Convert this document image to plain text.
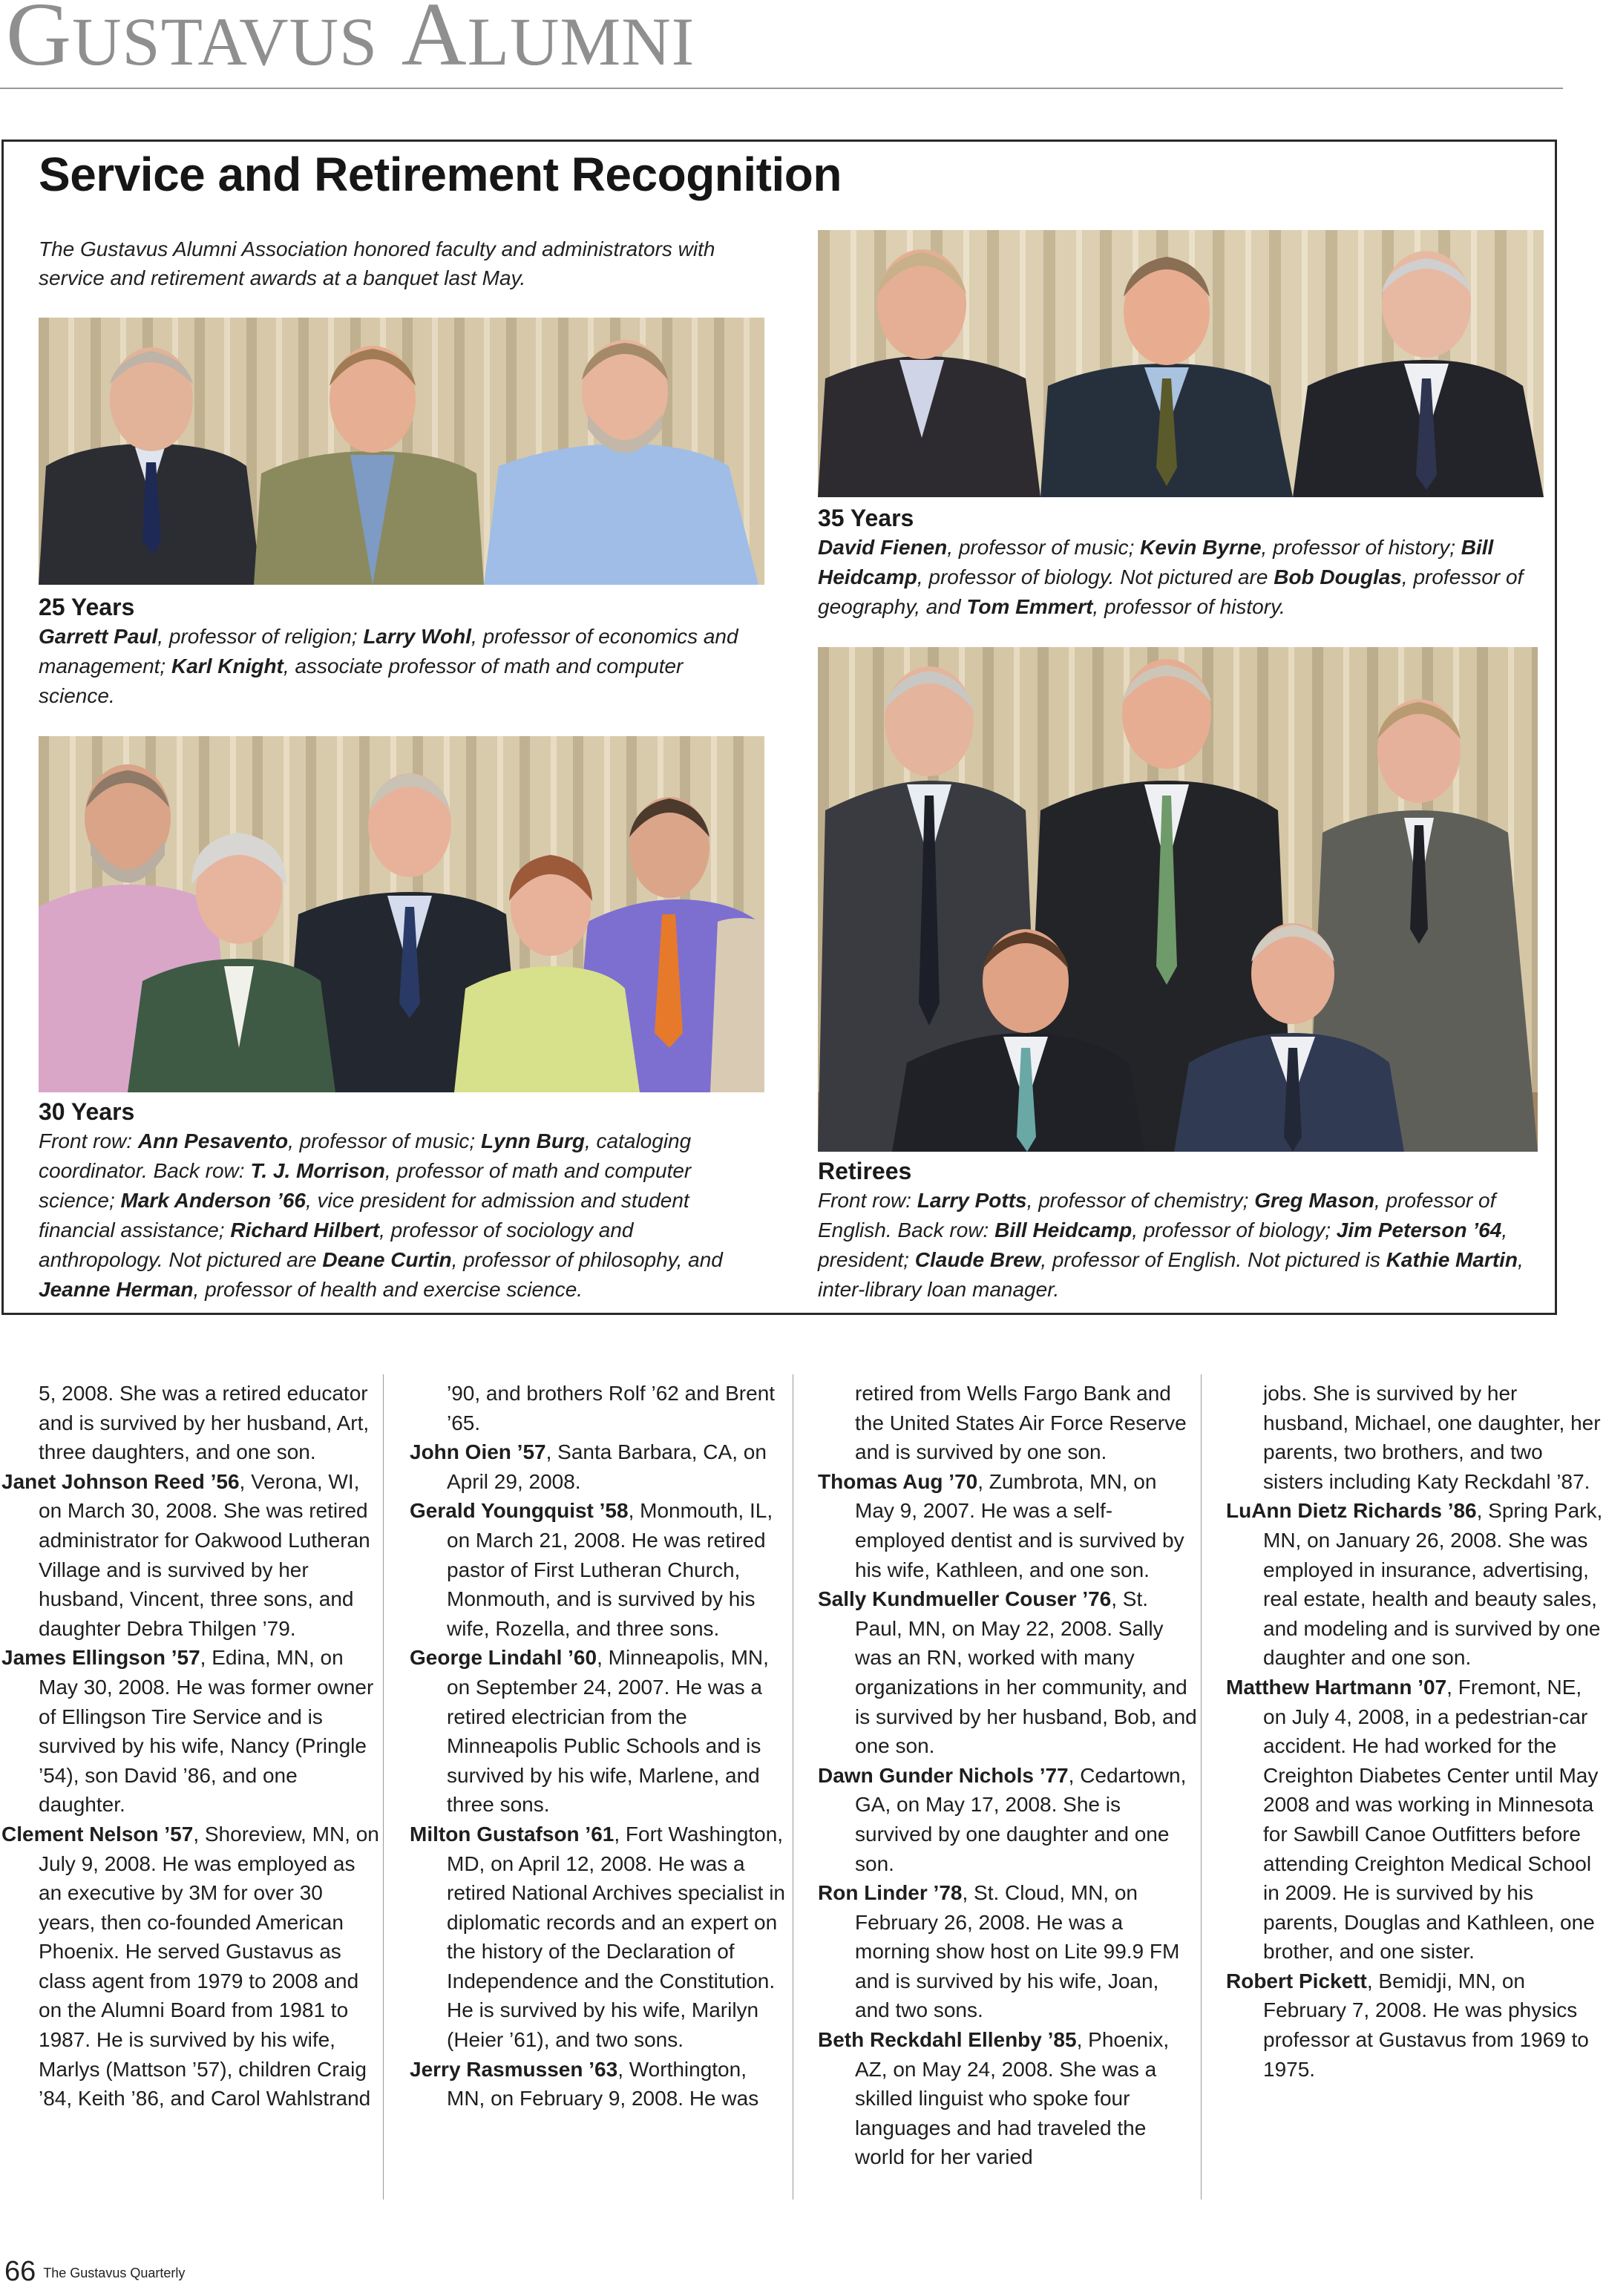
GUSTAVUS ALUMNI
Service and Retirement Recognition
The Gustavus Alumni Association honored faculty and administrators with service and retirement awards at a banquet last May.
35 Years
David Fienen, professor of music; Kevin Byrne, professor of history; Bill Heidcamp, professor of biology. Not pictured are Bob Douglas, professor of geography, and Tom Emmert, professor of history.
25 Years
Garrett Paul, professor of religion; Larry Wohl, professor of economics and management; Karl Knight, associate professor of math and computer science.
30 Years
Front row: Ann Pesavento, professor of music; Lynn Burg, cataloging coordinator. Back row: T. J. Morrison, professor of math and computer science; Mark Anderson ’66, vice president for admission and student financial assistance; Richard Hilbert, professor of sociology and anthropology. Not pictured are Deane Curtin, professor of philosophy, and Jeanne Herman, professor of health and exercise science.
Retirees
Front row: Larry Potts, professor of chemistry; Greg Mason, professor of English. Back row: Bill Heidcamp, professor of biology; Jim Peterson ’64, president; Claude Brew, professor of English. Not pictured is Kathie Martin, inter-library loan manager.
5, 2008. She was a retired educator and is survived by her husband, Art, three daughters, and one son.
Janet Johnson Reed ’56, Verona, WI, on March 30, 2008. She was retired administrator for Oakwood Lutheran Village and is survived by her husband, Vincent, three sons, and daughter Debra Thilgen ’79.
James Ellingson ’57, Edina, MN, on May 30, 2008. He was former owner of Ellingson Tire Service and is survived by his wife, Nancy (Pringle ’54), son David ’86, and one daughter.
Clement Nelson ’57, Shoreview, MN, on July 9, 2008. He was employed as an executive by 3M for over 30 years, then co-founded American Phoenix. He served Gustavus as class agent from 1979 to 2008 and on the Alumni Board from 1981 to 1987. He is survived by his wife, Marlys (Mattson ’57), children Craig ’84, Keith ’86, and Carol Wahlstrand
’90, and brothers Rolf ’62 and Brent ’65.
John Oien ’57, Santa Barbara, CA, on April 29, 2008.
Gerald Youngquist ’58, Monmouth, IL, on March 21, 2008. He was retired pastor of First Lutheran Church, Monmouth, and is survived by his wife, Rozella, and three sons.
George Lindahl ’60, Minneapolis, MN, on September 24, 2007. He was a retired electrician from the Minneapolis Public Schools and is survived by his wife, Marlene, and three sons.
Milton Gustafson ’61, Fort Washington, MD, on April 12, 2008. He was a retired National Archives specialist in diplomatic records and an expert on the history of the Declaration of Independence and the Constitution. He is survived by his wife, Marilyn (Heier ’61), and two sons.
Jerry Rasmussen ’63, Worthington, MN, on February 9, 2008. He was
retired from Wells Fargo Bank and the United States Air Force Reserve and is survived by one son.
Thomas Aug ’70, Zumbrota, MN, on May 9, 2007. He was a self-employed dentist and is survived by his wife, Kathleen, and one son.
Sally Kundmueller Couser ’76, St. Paul, MN, on May 22, 2008. Sally was an RN, worked with many organizations in her community, and is survived by her husband, Bob, and one son.
Dawn Gunder Nichols ’77, Cedartown, GA, on May 17, 2008. She is survived by one daughter and one son.
Ron Linder ’78, St. Cloud, MN, on February 26, 2008. He was a morning show host on Lite 99.9 FM and is survived by his wife, Joan, and two sons.
Beth Reckdahl Ellenby ’85, Phoenix, AZ, on May 24, 2008. She was a skilled linguist who spoke four languages and had traveled the world for her varied
jobs. She is survived by her husband, Michael, one daughter, her parents, two brothers, and two sisters including Katy Reckdahl ’87.
LuAnn Dietz Richards ’86, Spring Park, MN, on January 26, 2008. She was employed in insurance, advertising, real estate, health and beauty sales, and modeling and is survived by one daughter and one son.
Matthew Hartmann ’07, Fremont, NE, on July 4, 2008, in a pedestrian-car accident. He had worked for the Creighton Diabetes Center until May 2008 and was working in Minnesota for Sawbill Canoe Outfitters before attending Creighton Medical School in 2009. He is survived by his parents, Douglas and Kathleen, one brother, and one sister.
Robert Pickett, Bemidji, MN, on February 7, 2008. He was physics professor at Gustavus from 1969 to 1975.
66 The Gustavus Quarterly
